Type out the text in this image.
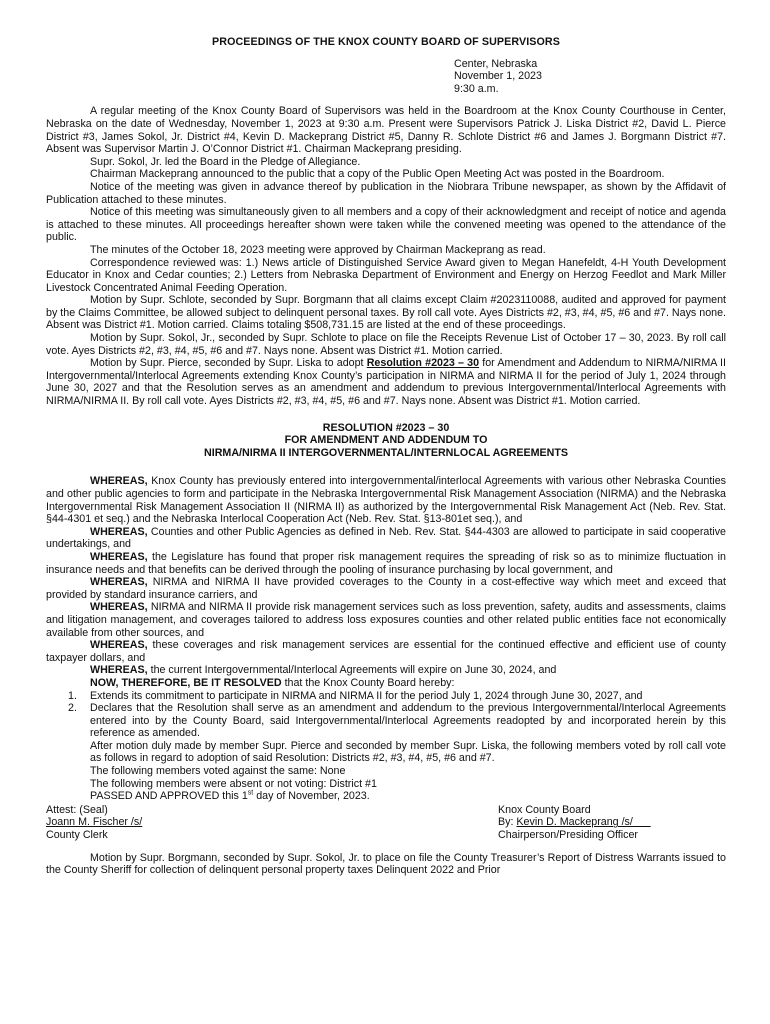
PROCEEDINGS OF THE KNOX COUNTY BOARD OF SUPERVISORS
Center, Nebraska
November 1, 2023
9:30 a.m.

A regular meeting of the Knox County Board of Supervisors was held in the Boardroom at the Knox County Courthouse in Center, Nebraska on the date of Wednesday, November 1, 2023 at 9:30 a.m. Present were Supervisors Patrick J. Liska District #2, David L. Pierce District #3, James Sokol, Jr. District #4, Kevin D. Mackeprang District #5, Danny R. Schlote District #6 and James J. Borgmann District #7. Absent was Supervisor Martin J. O’Connor District #1. Chairman Mackeprang presiding.

Supr. Sokol, Jr. led the Board in the Pledge of Allegiance.

Chairman Mackeprang announced to the public that a copy of the Public Open Meeting Act was posted in the Boardroom.

Notice of the meeting was given in advance thereof by publication in the Niobrara Tribune newspaper, as shown by the Affidavit of Publication attached to these minutes.

Notice of this meeting was simultaneously given to all members and a copy of their acknowledgment and receipt of notice and agenda is attached to these minutes. All proceedings hereafter shown were taken while the convened meeting was opened to the attendance of the public.

The minutes of the October 18, 2023 meeting were approved by Chairman Mackeprang as read.

Correspondence reviewed was: 1.) News article of Distinguished Service Award given to Megan Hanefeldt, 4-H Youth Development Educator in Knox and Cedar counties; 2.) Letters from Nebraska Department of Environment and Energy on Herzog Feedlot and Mark Miller Livestock Concentrated Animal Feeding Operation.

Motion by Supr. Schlote, seconded by Supr. Borgmann that all claims except Claim #2023110088, audited and approved for payment by the Claims Committee, be allowed subject to delinquent personal taxes. By roll call vote. Ayes Districts #2, #3, #4, #5, #6 and #7. Nays none. Absent was District #1. Motion carried. Claims totaling $508,731.15 are listed at the end of these proceedings.

Motion by Supr. Sokol, Jr., seconded by Supr. Schlote to place on file the Receipts Revenue List of October 17 – 30, 2023. By roll call vote. Ayes Districts #2, #3, #4, #5, #6 and #7. Nays none. Absent was District #1. Motion carried.

Motion by Supr. Pierce, seconded by Supr. Liska to adopt Resolution #2023 – 30 for Amendment and Addendum to NIRMA/NIRMA II Intergovernmental/Interlocal Agreements extending Knox County’s participation in NIRMA and NIRMA II for the period of July 1, 2024 through June 30, 2027 and that the Resolution serves as an amendment and addendum to previous Intergovernmental/Interlocal Agreements with NIRMA/NIRMA II. By roll call vote. Ayes Districts #2, #3, #4, #5, #6 and #7. Nays none. Absent was District #1. Motion carried.

RESOLUTION #2023 – 30
FOR AMENDMENT AND ADDENDUM TO
NIRMA/NIRMA II INTERGOVERNMENTAL/INTERNLOCAL AGREEMENTS

WHEREAS, Knox County has previously entered into intergovernmental/interlocal Agreements with various other Nebraska Counties and other public agencies to form and participate in the Nebraska Intergovernmental Risk Management Association (NIRMA) and the Nebraska Intergovernmental Risk Management Association II (NIRMA II) as authorized by the Intergovernmental Risk Management Act (Neb. Rev. Stat. §44-4301 et seq.) and the Nebraska Interlocal Cooperation Act (Neb. Rev. Stat. §13-801et seq.), and

WHEREAS, Counties and other Public Agencies as defined in Neb. Rev. Stat. §44-4303 are allowed to participate in said cooperative undertakings, and

WHEREAS, the Legislature has found that proper risk management requires the spreading of risk so as to minimize fluctuation in insurance needs and that benefits can be derived through the pooling of insurance purchasing by local government, and

WHEREAS, NIRMA and NIRMA II have provided coverages to the County in a cost-effective way which meet and exceed that provided by standard insurance carriers, and

WHEREAS, NIRMA and NIRMA II provide risk management services such as loss prevention, safety, audits and assessments, claims and litigation management, and coverages tailored to address loss exposures counties and other related public entities face not economically available from other sources, and

WHEREAS, these coverages and risk management services are essential for the continued effective and efficient use of county taxpayer dollars, and

WHEREAS, the current Intergovernmental/Interlocal Agreements will expire on June 30, 2024, and

NOW, THEREFORE, BE IT RESOLVED that the Knox County Board hereby:

1. Extends its commitment to participate in NIRMA and NIRMA II for the period July 1, 2024 through June 30, 2027, and
2. Declares that the Resolution shall serve as an amendment and addendum to the previous Intergovernmental/Interlocal Agreements entered into by the County Board, said Intergovernmental/Interlocal Agreements readopted by and incorporated herein by this reference as amended.
After motion duly made by member Supr. Pierce and seconded by member Supr. Liska, the following members voted by roll call vote as follows in regard to adoption of said Resolution: Districts #2, #3, #4, #5, #6 and #7.
The following members voted against the same: None
The following members were absent or not voting: District #1
PASSED AND APPROVED this 1st day of November, 2023.
Attest: (Seal)
Joann M. Fischer /s/
County Clerk
Knox County Board
By: Kevin D. Mackeprang /s/
Chairperson/Presiding Officer

Motion by Supr. Borgmann, seconded by Supr. Sokol, Jr. to place on file the County Treasurer’s Report of Distress Warrants issued to the County Sheriff for collection of delinquent personal property taxes Delinquent 2022 and Prior
